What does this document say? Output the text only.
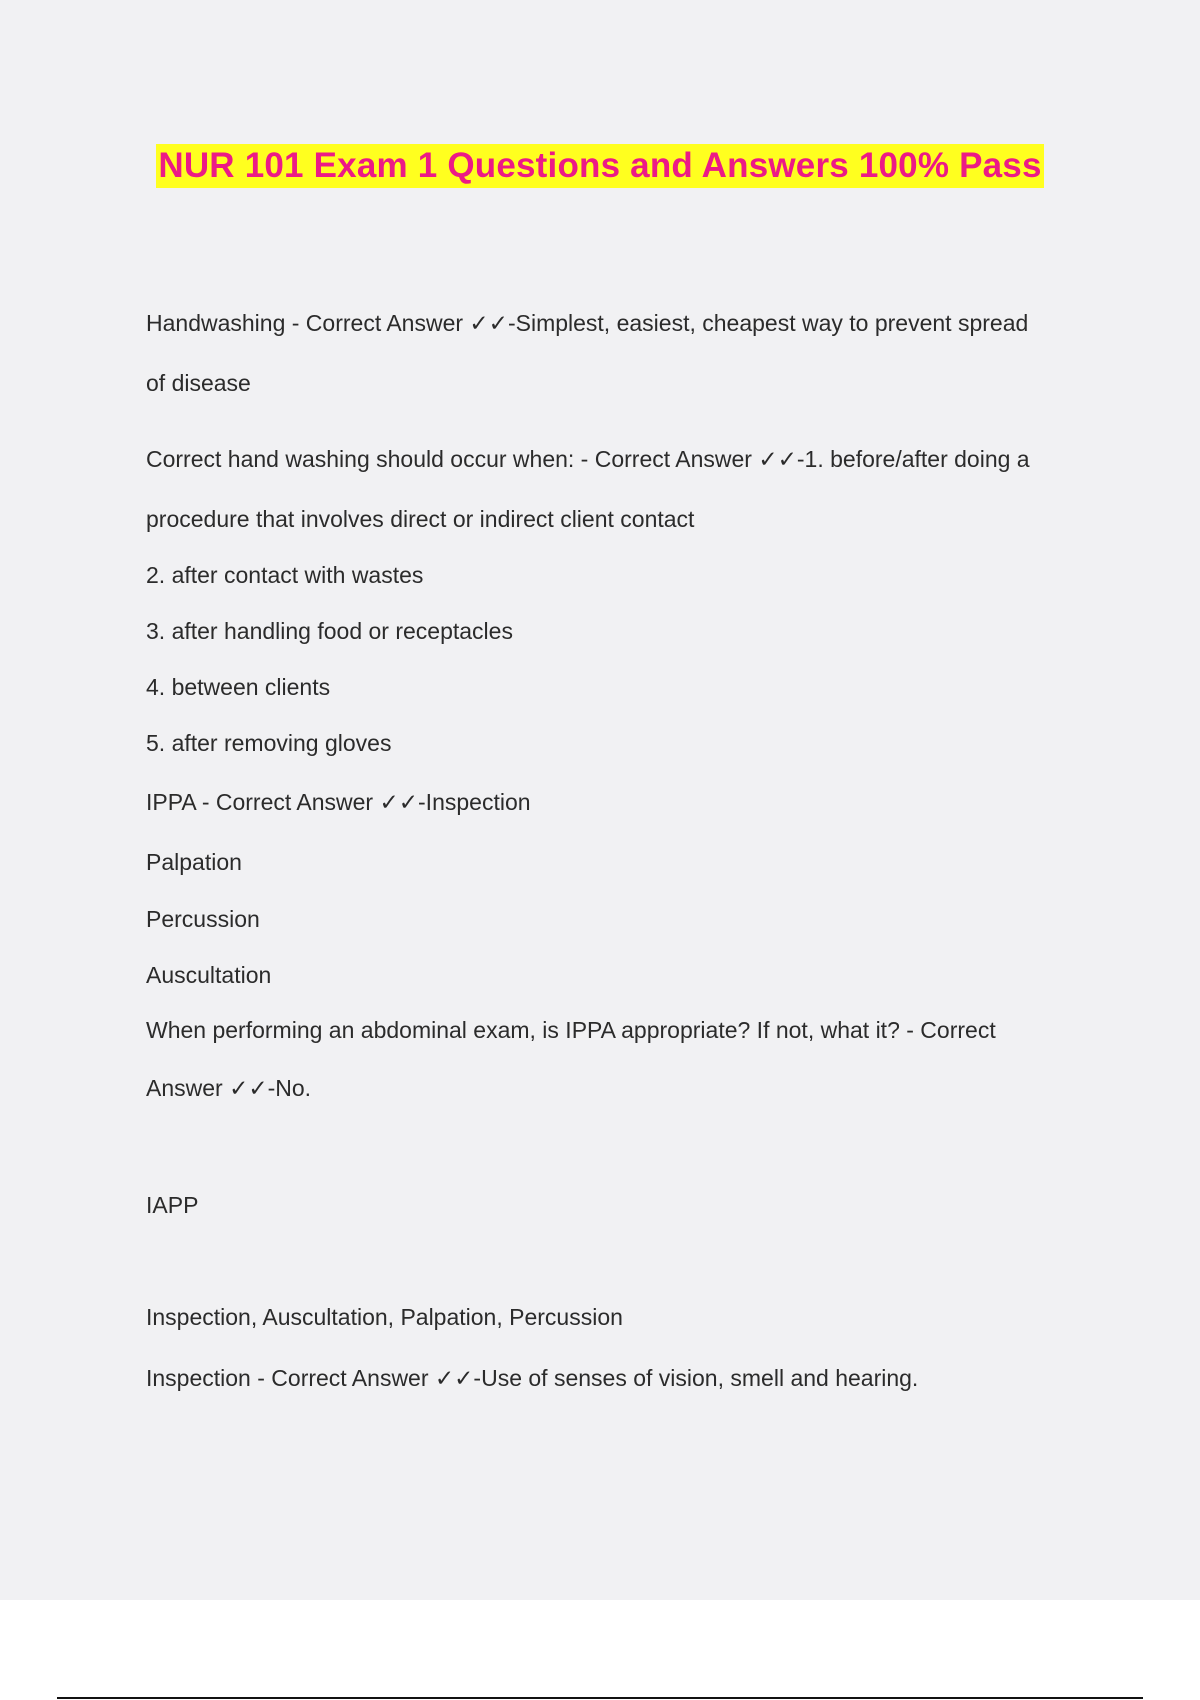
NUR 101 Exam 1 Questions and Answers 100% Pass
Handwashing - Correct Answer ✓✓-Simplest, easiest, cheapest way to prevent spread
of disease
Correct hand washing should occur when: - Correct Answer ✓✓-1. before/after doing a
procedure that involves direct or indirect client contact
2. after contact with wastes
3. after handling food or receptacles
4. between clients
5. after removing gloves
IPPA - Correct Answer ✓✓-Inspection
Palpation
Percussion
Auscultation
When performing an abdominal exam, is IPPA appropriate? If not, what it? - Correct
Answer ✓✓-No.
IAPP
Inspection, Auscultation, Palpation, Percussion
Inspection - Correct Answer ✓✓-Use of senses of vision, smell and hearing.
